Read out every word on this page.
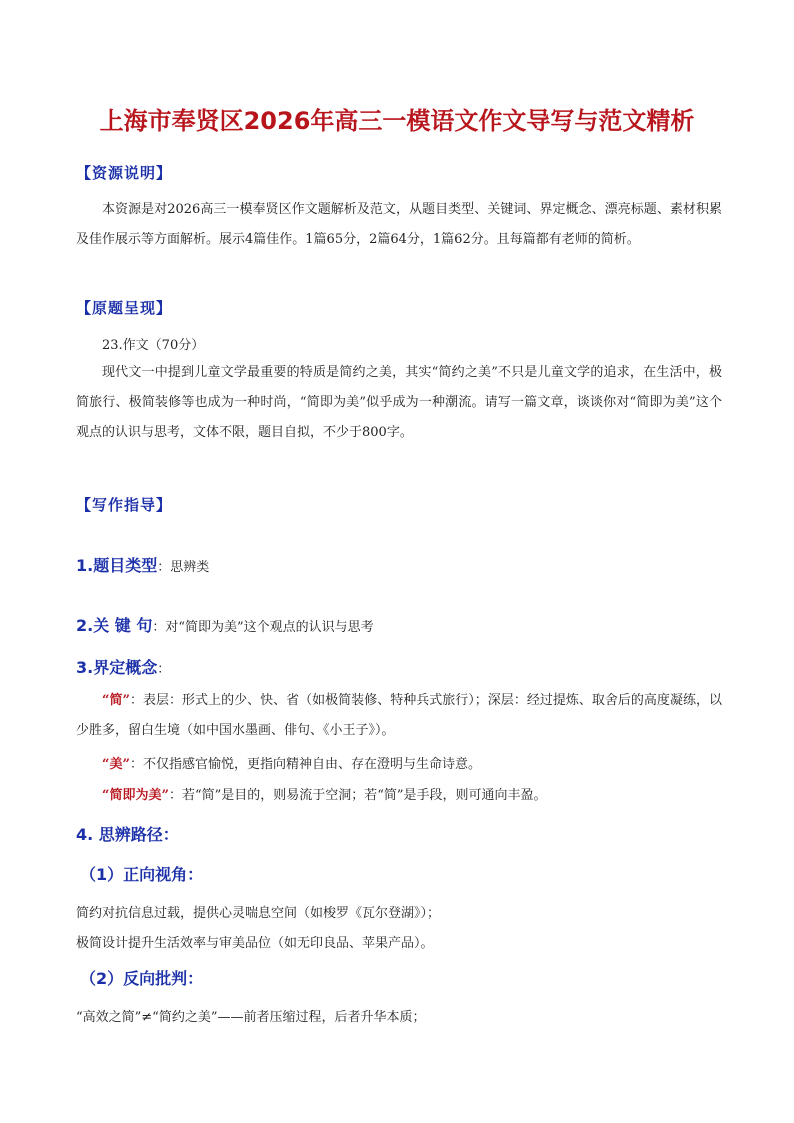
上海市奉贤区2026年高三一模语文作文导写与范文精析
【资源说明】

本资源是对2026高三一模奉贤区作文题解析及范文，从题目类型、关键词、界定概念、漂亮标题、素材积累及佳作展示等方面解析。展示4篇佳作。1篇65分，2篇64分，1篇62分。且每篇都有老师的简析。

【原题呈现】
23.作文（70分）

现代文一中提到儿童文学最重要的特质是简约之美，其实“简约之美”不只是儿童文学的追求，在生活中，极简旅行、极简装修等也成为一种时尚，“简即为美”似乎成为一种潮流。请写一篇文章，谈谈你对“简即为美”这个观点的认识与思考，文体不限，题目自拟，不少于800字。

【写作指导】
1.题目类型：思辨类
2.关 键 句：对“简即为美”这个观点的认识与思考
3.界定概念：

“简”：表层：形式上的少、快、省（如极简装修、特种兵式旅行）；深层：经过提炼、取舍后的高度凝练，以少胜多，留白生境（如中国水墨画、俳句、《小王子》）。

“美”：不仅指感官愉悦，更指向精神自由、存在澄明与生命诗意。

“简即为美”：若“简”是目的，则易流于空洞；若“简”是手段，则可通向丰盈。

4. 思辨路径：
（1）正向视角：
简约对抗信息过载，提供心灵喘息空间（如梭罗《瓦尔登湖》）；
极简设计提升生活效率与审美品位（如无印良品、苹果产品）。
（2）反向批判：
“高效之简”≠“简约之美”——前者压缩过程，后者升华本质；
